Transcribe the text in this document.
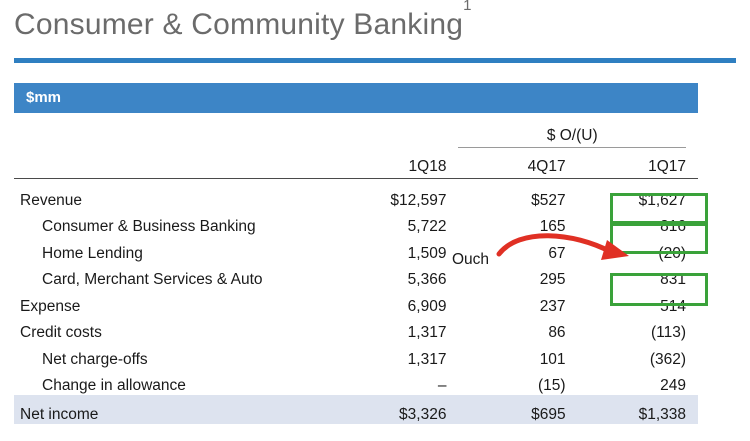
Consumer & Community Banking$^1$
$mm

		$ O/(U)	

	1Q18	4Q17	1Q17

Revenue	$12,597	$527	$1,627
Consumer & Business Banking	5,722	165	816
Home Lending	1,509	67	(20)
Card, Merchant Services & Auto	5,366	295	831
Expense	6,909	237	514
Credit costs	1,317	86	(113)
Net charge-offs	1,317	101	(362)
Change in allowance	–	(15)	249
Net income	$3,326	$695	$1,338
Ouch
